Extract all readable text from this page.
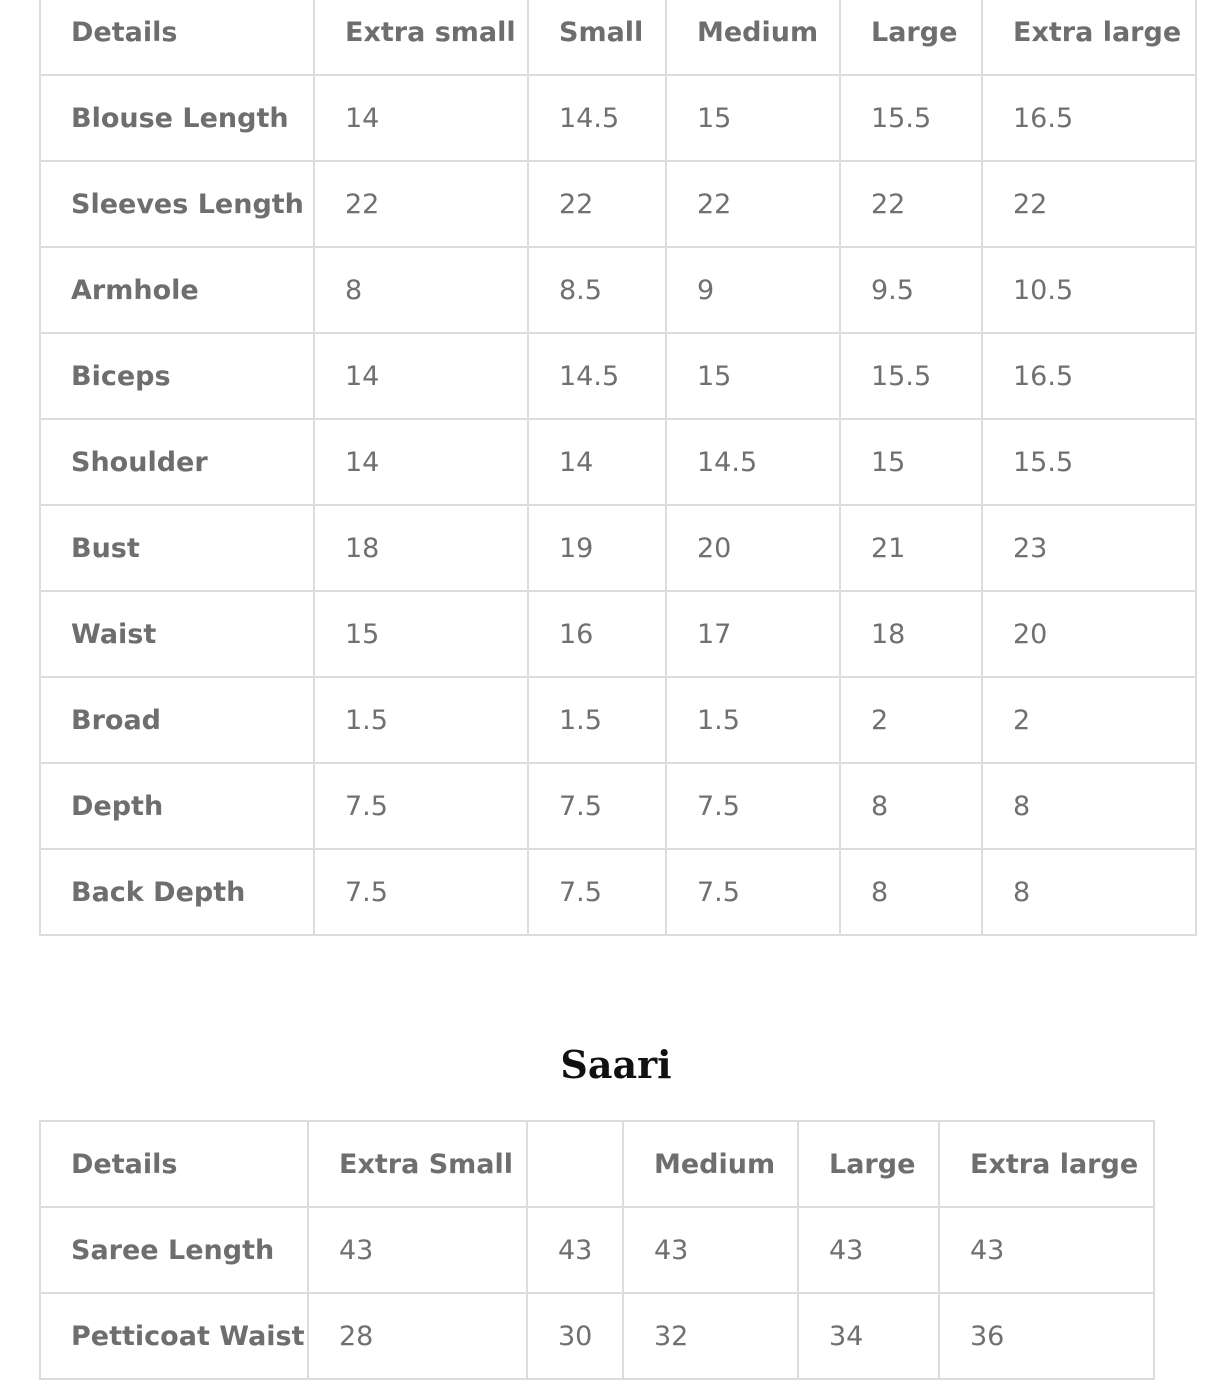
Details	Extra small	Small	Medium	Large	Extra large
Blouse Length	14	14.5	15	15.5	16.5
Sleeves Length	22	22	22	22	22
Armhole	8	8.5	9	9.5	10.5
Biceps	14	14.5	15	15.5	16.5
Shoulder	14	14	14.5	15	15.5
Bust	18	19	20	21	23
Waist	15	16	17	18	20
Broad	1.5	1.5	1.5	2	2
Depth	7.5	7.5	7.5	8	8
Back Depth	7.5	7.5	7.5	8	8
Saari
Details	Extra Small		Medium	Large	Extra large
Saree Length	43	43	43	43	43
Petticoat Waist	28	30	32	34	36
